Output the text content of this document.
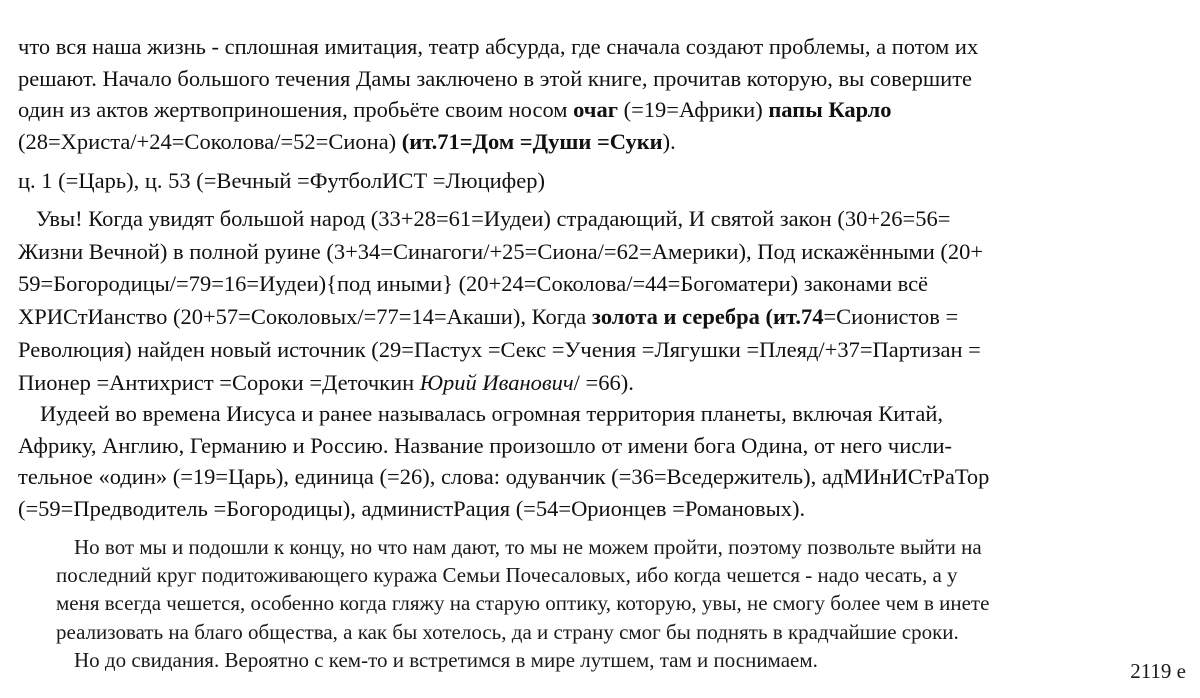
что вся наша жизнь - сплошная имитация, театр абсурда, где сначала создают проблемы, а потом их
решают. Начало большого течения Дамы заключено в этой книге, прочитав которую, вы совершите
один из актов жертвоприношения, пробьёте своим носом очаг (=19=Африки) папы Карло
(28=Христа/+24=Соколова/=52=Сиона) (ит.71=Дом =Души =Суки).

ц. 1 (=Царь), ц. 53 (=Вечный =ФутболИСТ =Люцифер)

Увы! Когда увидят большой народ (33+28=61=Иудеи) страдающий, И святой закон (30+26=56=
Жизни Вечной) в полной руине (3+34=Синагоги/+25=Сиона/=62=Америки), Под искажёнными (20+
59=Богородицы/=79=16=Иудеи){под иными} (20+24=Соколова/=44=Богоматери) законами всё
ХРИСтИанство (20+57=Соколовых/=77=14=Акаши), Когда золота и серебра (ит.74=Сионистов =
Революция) найден новый источник (29=Пастух =Секс =Учения =Лягушки =Плеяд/+37=Партизан =
Пионер =Антихрист =Сороки =Деточкин Юрий Иванович/ =66).

Иудеей во времена Иисуса и ранее называлась огромная территория планеты, включая Китай,
Африку, Англию, Германию и Россию. Название произошло от имени бога Одина, от него числи-
тельное «один» (=19=Царь), единица (=26), слова: одуванчик (=36=Вседержитель), адМИнИСтРаТор
(=59=Предводитель =Богородицы), администРация (=54=Орионцев =Романовых).

Но вот мы и подошли к концу, но что нам дают, то мы не можем пройти, поэтому позвольте выйти на
последний круг подитоживающего куража Семьи Почесаловых, ибо когда чешется - надо чесать, а у
меня всегда чешется, особенно когда гляжу на старую оптику, которую, увы, не смогу более чем в инете
реализовать на благо общества, а как бы хотелось, да и страну смог бы поднять в крадчайшие сроки.
Но до свидания. Вероятно с кем-то и встретимся в мире лутшем, там и поснимаем.	2119 е
